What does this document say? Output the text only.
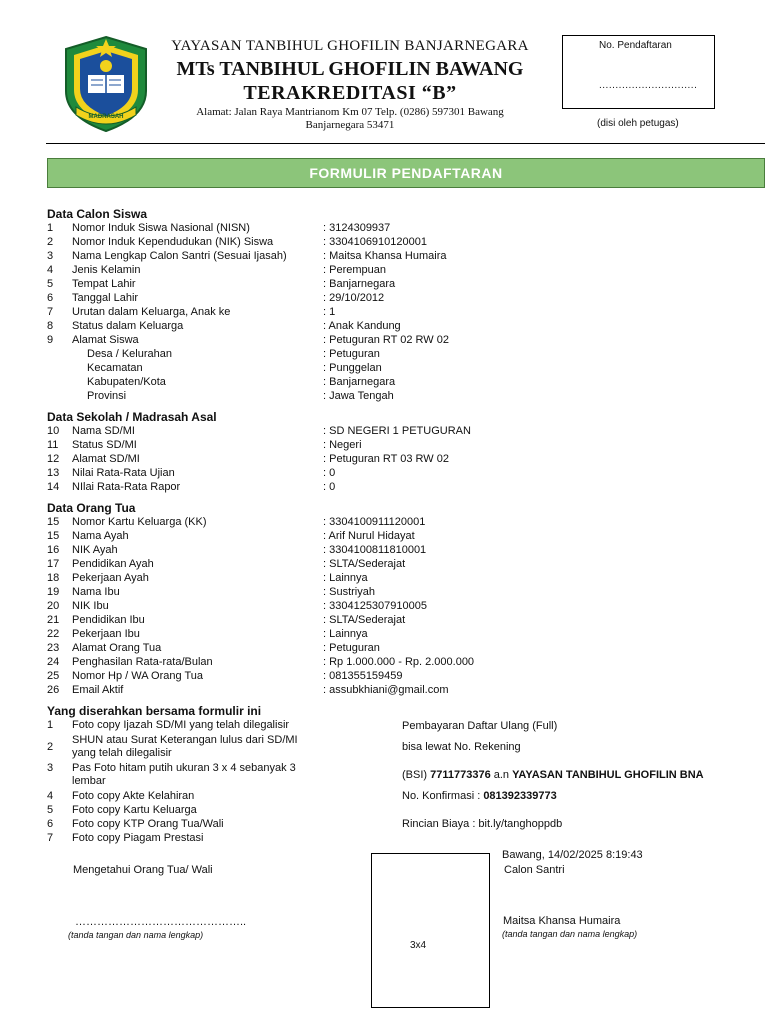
MADRASAH
YAYASAN TANBIHUL GHOFILIN BANJARNEGARA
MTs TANBIHUL GHOFILIN BAWANG
TERAKREDITASI “B”
Alamat: Jalan Raya Mantrianom Km 07 Telp. (0286) 597301 Bawang
Banjarnegara 53471
No. Pendaftaran
..............................
(disi oleh petugas)
FORMULIR PENDAFTARAN
Data Calon Siswa
1 Nomor Induk Siswa Nasional (NISN)	: 3124309937
2 Nomor Induk Kependudukan (NIK) Siswa	: 3304106910120001
3 Nama Lengkap Calon Santri (Sesuai Ijasah)	: Maitsa Khansa Humaira
4 Jenis Kelamin	: Perempuan
5 Tempat Lahir	: Banjarnegara
6 Tanggal Lahir	: 29/10/2012
7 Urutan dalam Keluarga, Anak ke	: 1
8 Status dalam Keluarga	: Anak Kandung
9 Alamat Siswa	: Petuguran RT 02 RW 02
Desa / Kelurahan	: Petuguran
Kecamatan	: Punggelan
Kabupaten/Kota	: Banjarnegara
Provinsi	: Jawa Tengah
Data Sekolah / Madrasah Asal
10 Nama SD/MI	: SD NEGERI 1 PETUGURAN
11 Status SD/MI	: Negeri
12 Alamat SD/MI	: Petuguran RT 03 RW 02
13 Nilai Rata-Rata Ujian	: 0
14 NIlai Rata-Rata Rapor	: 0
Data Orang Tua
15 Nomor Kartu Keluarga (KK)	: 3304100911120001
15 Nama Ayah	: Arif Nurul Hidayat
16 NIK Ayah	: 3304100811810001
17 Pendidikan Ayah	: SLTA/Sederajat
18 Pekerjaan Ayah	: Lainnya
19 Nama Ibu	: Sustriyah
20 NIK Ibu	: 3304125307910005
21 Pendidikan Ibu	: SLTA/Sederajat
22 Pekerjaan Ibu	: Lainnya
23 Alamat Orang Tua	: Petuguran
24 Penghasilan Rata-rata/Bulan	: Rp 1.000.000 - Rp. 2.000.000
25 Nomor Hp / WA Orang Tua	: 081355159459
26 Email Aktif	: assubkhiani@gmail.com
Yang diserahkan bersama formulir ini
1 Foto copy Ijazah SD/MI yang telah dilegalisir
2
SHUN atau Surat Keterangan lulus dari SD/MI yang telah dilegalisir
3 Pas Foto hitam putih ukuran 3 x 4 sebanyak 3 lembar
4 Foto copy Akte Kelahiran
5 Foto copy Kartu Keluarga
6 Foto copy KTP Orang Tua/Wali
7 Foto copy Piagam Prestasi
Pembayaran Daftar Ulang (Full)
bisa lewat No. Rekening
(BSI) 7711773376 a.n YAYASAN TANBIHUL GHOFILIN BNA
No. Konfirmasi : 081392339773
Rincian Biaya : bit.ly/tanghoppdb
Mengetahui Orang Tua/ Wali
………………………………………..
(tanda tangan dan nama lengkap)
3x4
Bawang, 14/02/2025 8:19:43
Calon Santri
Maitsa Khansa Humaira
(tanda tangan dan nama lengkap)
